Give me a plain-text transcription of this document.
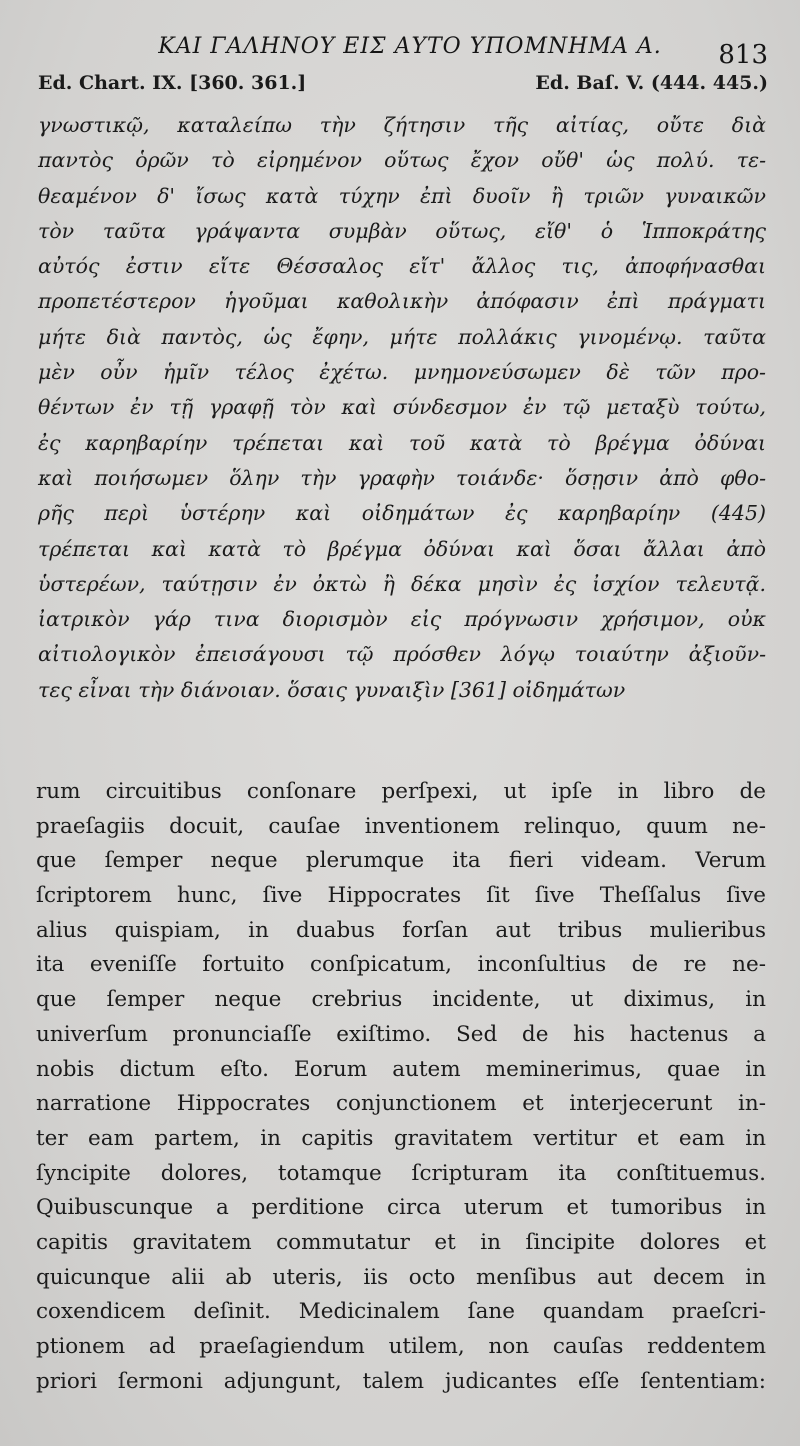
ΚΑΙ ΓΑΛΗΝΟΥ ΕΙΣ ΑΥΤΟ ΥΠΟΜΝΗΜΑ Α.	813
Ed. Chart. IX. [360. 361.]	Ed. Baſ. V. (444. 445.)
γνωστικῷ, καταλείπω τὴν ζήτησιν τῆς αἰτίας, οὔτε διὰ
παντὸς ὁρῶν τὸ εἰρημένον οὕτως ἔχον οὔθ' ὡς πολύ. τε-
θεαμένον δ' ἴσως κατὰ τύχην ἐπὶ δυοῖν ἢ τριῶν γυναικῶν
τὸν ταῦτα γράψαντα συμβὰν οὕτως, εἴθ' ὁ Ἱπποκράτης
αὐτός ἐστιν εἴτε Θέσσαλος εἴτ' ἄλλος τις, ἀποφήνασθαι
προπετέστερον ἡγοῦμαι καθολικὴν ἀπόφασιν ἐπὶ πράγματι
μήτε διὰ παντὸς, ὡς ἔφην, μήτε πολλάκις γινομένῳ. ταῦτα
μὲν οὖν ἡμῖν τέλος ἐχέτω. μνημονεύσωμεν δὲ τῶν προ-
θέντων ἐν τῇ γραφῇ τὸν καὶ σύνδεσμον ἐν τῷ μεταξὺ τούτω,
ἐς καρηβαρίην τρέπεται καὶ τοῦ κατὰ τὸ βρέγμα ὀδύναι
καὶ ποιήσωμεν ὅλην τὴν γραφὴν τοιάνδε· ὅσῃσιν ἀπὸ φθο-
ρῆς περὶ ὑστέρην καὶ οἰδημάτων ἐς καρηβαρίην (445)
τρέπεται καὶ κατὰ τὸ βρέγμα ὀδύναι καὶ ὅσαι ἄλλαι ἀπὸ
ὑστερέων, ταύτῃσιν ἐν ὀκτὼ ἢ δέκα μησὶν ἐς ἰσχίον τελευτᾷ.
ἰατρικὸν γάρ τινα διορισμὸν εἰς πρόγνωσιν χρήσιμον, οὐκ
αἰτιολογικὸν ἐπεισάγουσι τῷ πρόσθεν λόγῳ τοιαύτην ἀξιοῦν-
τες εἶναι τὴν διάνοιαν. ὅσαις γυναιξὶν [361] οἰδημάτων
rum circuitibus conſonare perſpexi, ut ipſe in libro de
praeſagiis docuit, cauſae inventionem relinquo, quum ne-
que ſemper neque plerumque ita fieri videam. Verum
ſcriptorem hunc, ſive Hippocrates ſit ſive Theſſalus ſive
alius quispiam, in duabus forſan aut tribus mulieribus
ita eveniſſe fortuito conſpicatum, inconſultius de re ne-
que ſemper neque crebrius incidente, ut diximus, in
univerſum pronunciaſſe exiſtimo. Sed de his hactenus a
nobis dictum eſto. Eorum autem meminerimus, quae in
narratione Hippocrates conjunctionem et interjecerunt in-
ter eam partem, in capitis gravitatem vertitur et eam in
ſyncipite dolores, totamque ſcripturam ita conſtituemus.
Quibuscunque a perditione circa uterum et tumoribus in
capitis gravitatem commutatur et in ſincipite dolores et
quicunque alii ab uteris, iis octo menſibus aut decem in
coxendicem deſinit. Medicinalem ſane quandam praeſcri-
ptionem ad praeſagiendum utilem, non cauſas reddentem
priori ſermoni adjungunt, talem judicantes eſſe ſententiam:
